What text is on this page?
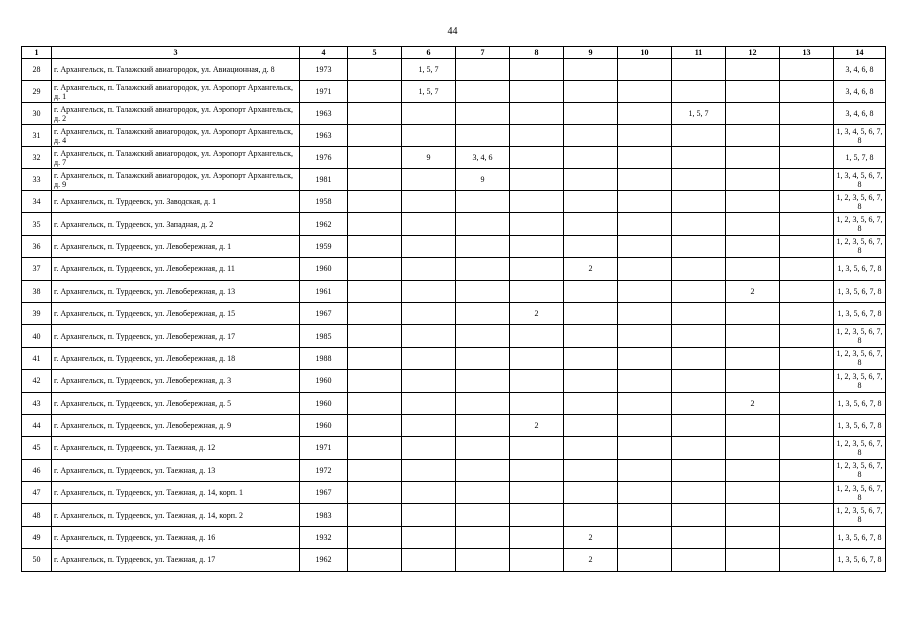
44
1	3	4	5	6	7	8	9	10	11	12	13	14
28	г. Архангельск, п. Талажский авиагородок, ул. Авиационная, д. 8	1973		1, 5, 7								3, 4, 6, 8
29	г. Архангельск, п. Талажский авиагородок, ул. Аэропорт Архангельск, д. 1	1971		1, 5, 7								3, 4, 6, 8
30	г. Архангельск, п. Талажский авиагородок, ул. Аэропорт Архангельск, д. 2	1963							1, 5, 7			3, 4, 6, 8
31	г. Архангельск, п. Талажский авиагородок, ул. Аэропорт Архангельск, д. 4	1963										1, 3, 4, 5, 6, 7, 8
32	г. Архангельск, п. Талажский авиагородок, ул. Аэропорт Архангельск, д. 7	1976		9	3, 4, 6							1, 5, 7, 8
33	г. Архангельск, п. Талажский авиагородок, ул. Аэропорт Архангельск, д. 9	1981			9							1, 3, 4, 5, 6, 7, 8
34	г. Архангельск, п. Турдеевск, ул. Заводская, д. 1	1958										1, 2, 3, 5, 6, 7, 8
35	г. Архангельск, п. Турдеевск, ул. Западная, д. 2	1962										1, 2, 3, 5, 6, 7, 8
36	г. Архангельск, п. Турдеевск, ул. Левобережная, д. 1	1959										1, 2, 3, 5, 6, 7, 8
37	г. Архангельск, п. Турдеевск, ул. Левобережная, д. 11	1960					2					1, 3, 5, 6, 7, 8
38	г. Архангельск, п. Турдеевск, ул. Левобережная, д. 13	1961								2		1, 3, 5, 6, 7, 8
39	г. Архангельск, п. Турдеевск, ул. Левобережная, д. 15	1967				2						1, 3, 5, 6, 7, 8
40	г. Архангельск, п. Турдеевск, ул. Левобережная, д. 17	1985										1, 2, 3, 5, 6, 7, 8
41	г. Архангельск, п. Турдеевск, ул. Левобережная, д. 18	1988										1, 2, 3, 5, 6, 7, 8
42	г. Архангельск, п. Турдеевск, ул. Левобережная, д. 3	1960										1, 2, 3, 5, 6, 7, 8
43	г. Архангельск, п. Турдеевск, ул. Левобережная, д. 5	1960								2		1, 3, 5, 6, 7, 8
44	г. Архангельск, п. Турдеевск, ул. Левобережная, д. 9	1960				2						1, 3, 5, 6, 7, 8
45	г. Архангельск, п. Турдеевск, ул. Таежная, д. 12	1971										1, 2, 3, 5, 6, 7, 8
46	г. Архангельск, п. Турдеевск, ул. Таежная, д. 13	1972										1, 2, 3, 5, 6, 7, 8
47	г. Архангельск, п. Турдеевск, ул. Таежная, д. 14, корп. 1	1967										1, 2, 3, 5, 6, 7, 8
48	г. Архангельск, п. Турдеевск, ул. Таежная, д. 14, корп. 2	1983										1, 2, 3, 5, 6, 7, 8
49	г. Архангельск, п. Турдеевск, ул. Таежная, д. 16	1932					2					1, 3, 5, 6, 7, 8
50	г. Архангельск, п. Турдеевск, ул. Таежная, д. 17	1962					2					1, 3, 5, 6, 7, 8
